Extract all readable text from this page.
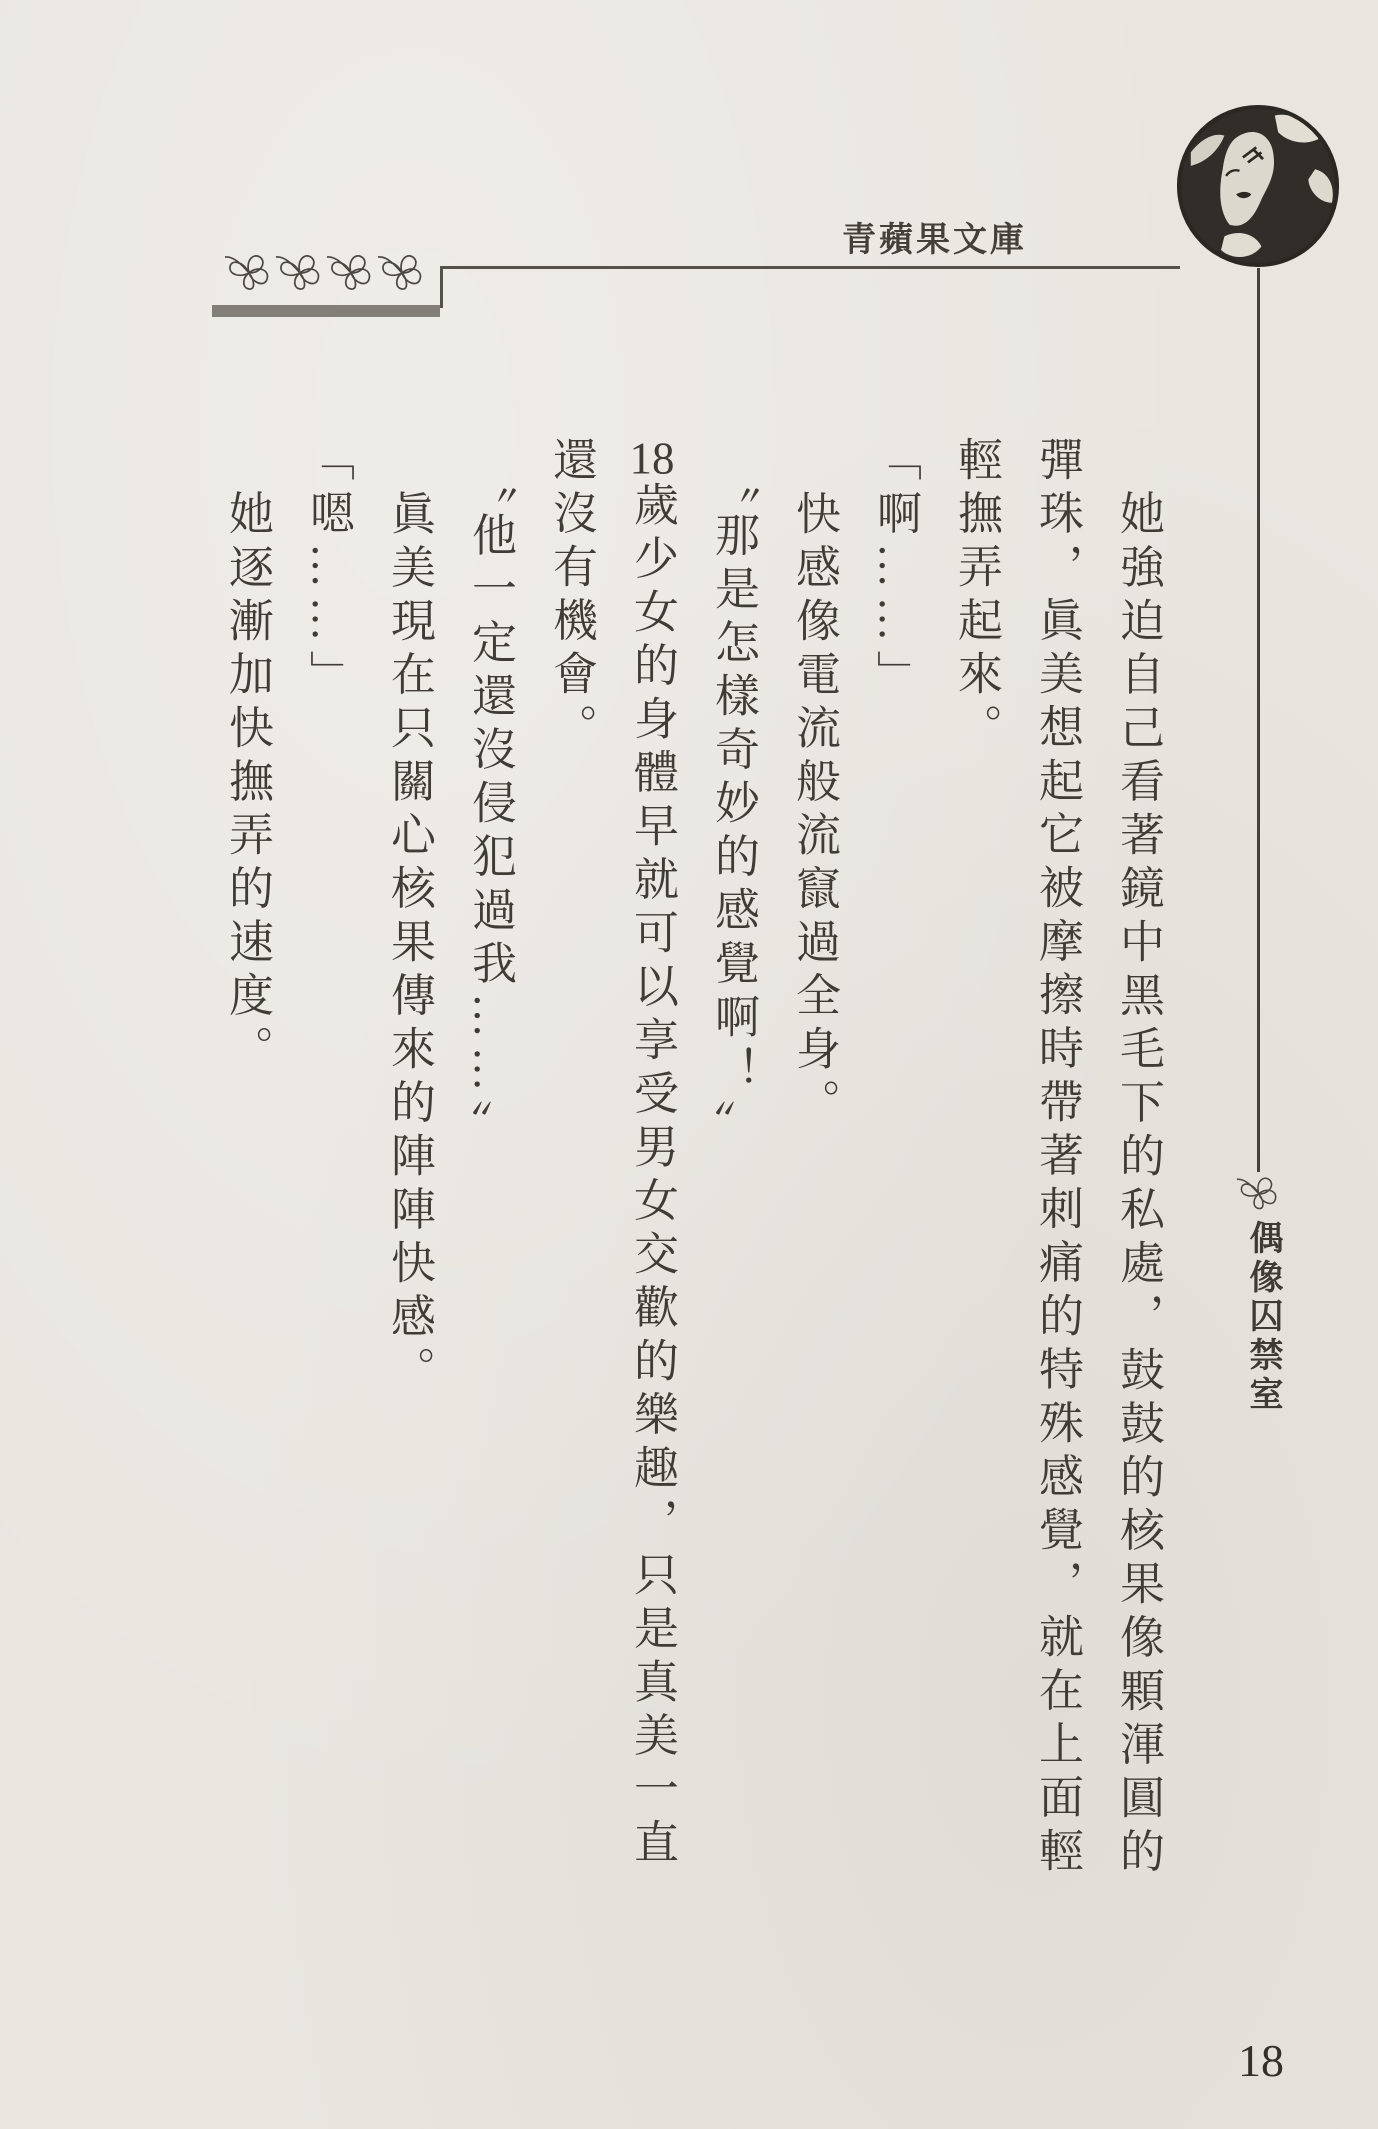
青蘋果文庫
偶像囚禁室

她強迫自己看著鏡中黑毛下的私處，鼓鼓的核果像顆渾圓的彈珠，眞美想起它被摩擦時帶著刺痛的特殊感覺，就在上面輕輕撫弄起來。

「啊……」

快感像電流般流竄過全身。

〝那是怎樣奇妙的感覺啊！〞

18歲少女的身體早就可以享受男女交歡的樂趣，只是真美一直還沒有機會。

〝他一定還沒侵犯過我……〞

眞美現在只關心核果傳來的陣陣快感。

「嗯……」

她逐漸加快撫弄的速度。

18
